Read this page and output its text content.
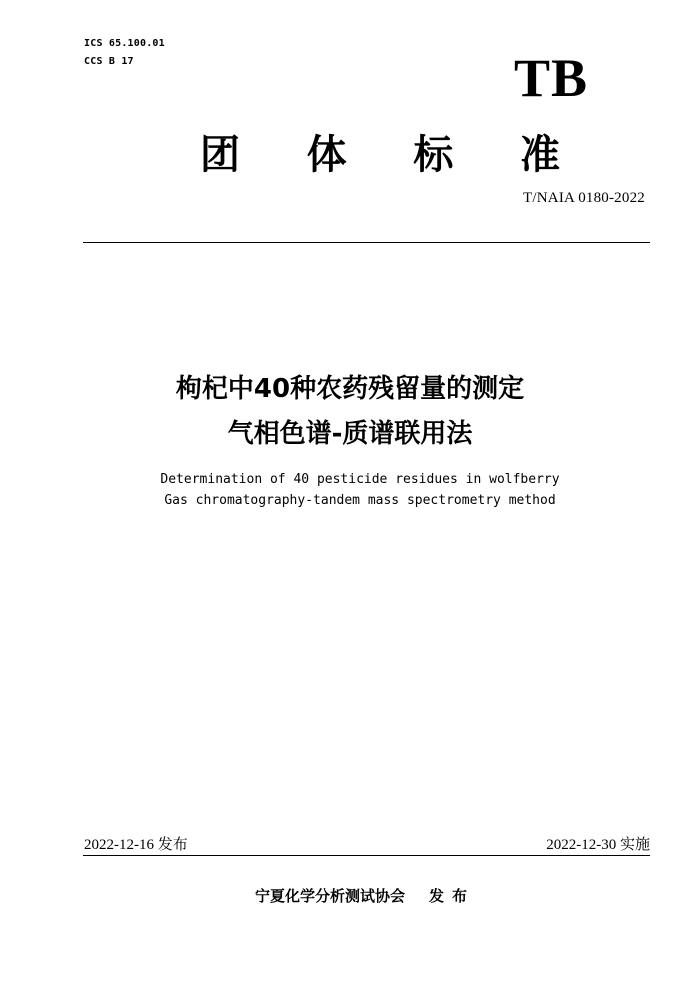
ICS 65.100.01
CCS B 17	TB
团 体 标 准
T/NAIA 0180-2022
枸杞中40种农药残留量的测定
气相色谱-质谱联用法
Determination of 40 pesticide residues in wolfberry
Gas chromatography-tandem mass spectrometry method
2022-12-16 发布	2022-12-30 实施
宁夏化学分析测试协会 发布
